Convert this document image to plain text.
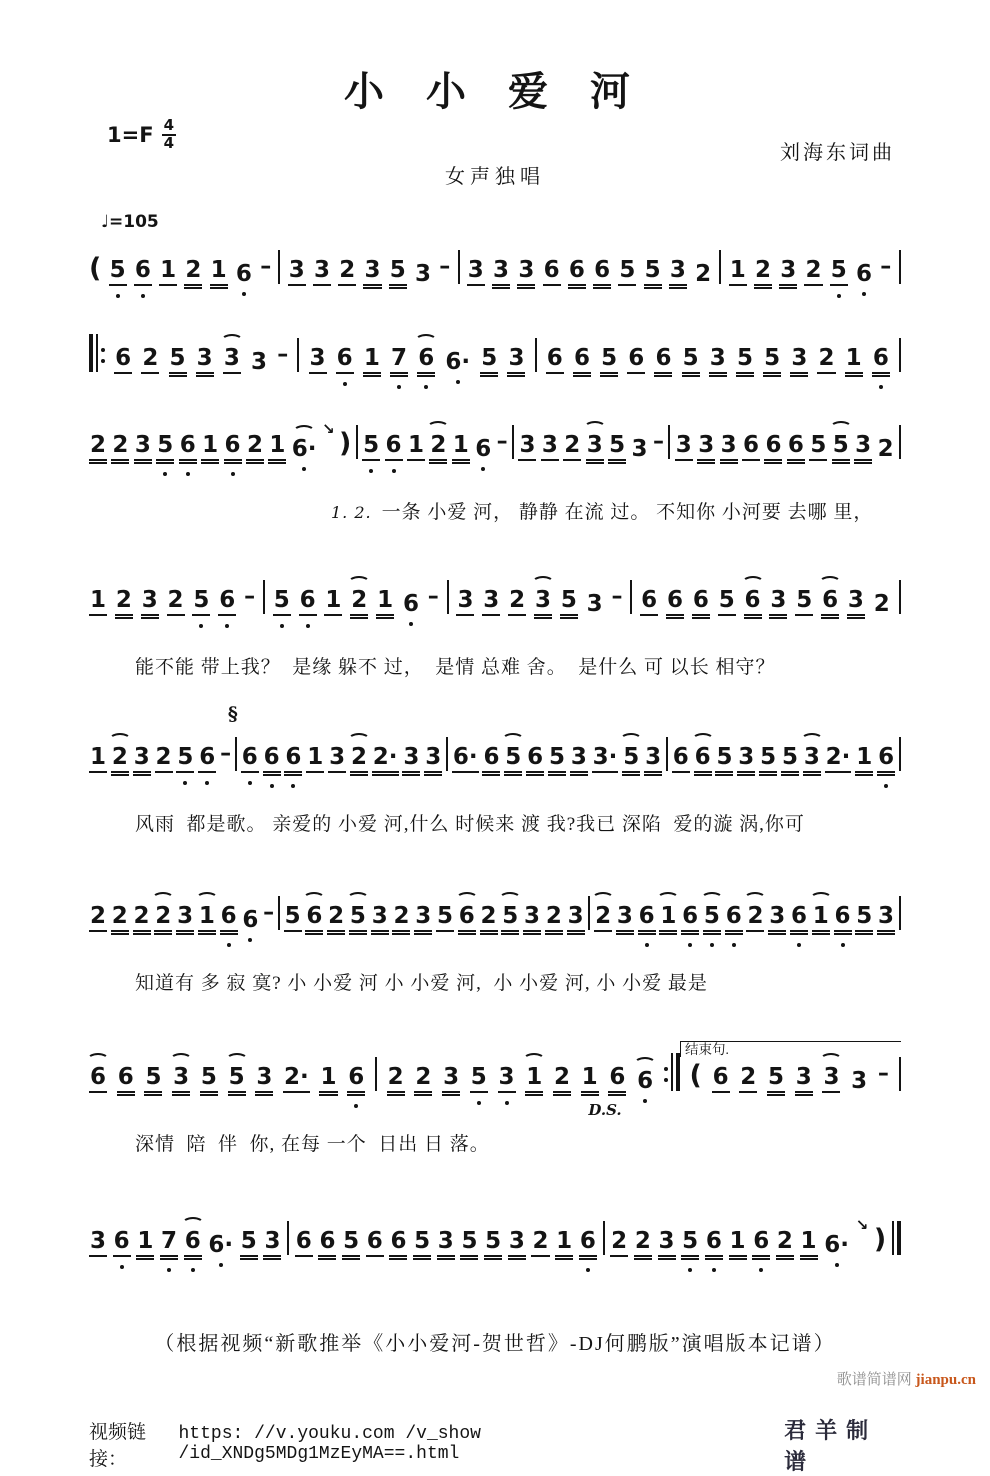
小 小 爱 河
$1=F \frac{4}{4}$
刘海东词曲
女声独唱
♩=105
( 5 6 1 2 1 6 – 3 3 2 3 5 3 – 3 3 3 6 6 6 5 5 3 2 1 2 3 2 5 6 –
6 2 5 3 3 3 – 3 6 1 7 6 6· 5 3 6 6 5 6 6 5 3 5 5 3 2 1 6
2 2 3 5 6 1 6 2 1 6·
↘ ) 5 6 1 2 1 6 – 3 3 2 3 5 3 – 3 3 3 6 6 6 5 5 3 2

1. 2. 一条 小爱 河， 静静 在流 过。 不知你 小河要 去哪 里，

1 2 3 2 5 6 – 5 6 1 2 1 6 – 3 3 2 3 5 3 – 6 6 6 5 6 3 5 6 3 2

能不能 带上我？  是缘 躲不 过，  是情 总难 舍。  是什么 可 以长 相守？

1 2 3 2 5 6 –
§
6 6 6 1 3 2 2· 3 3 6· 6 5 6 5 3 3· 5 3 6 6 5 3 5 5 3 2· 1 6

风雨  都是歌。 亲爱的 小爱 河,什么 时候来 渡 我?我已 深陷  爱的漩 涡,你可

2 2 2 2 3 1 6 6 – 5 6 2 5 3 2 3 5 6 2 5 3 2 3 2 3 6 1 6 5 6 2 3 6 1 6 5 3

知道有 多 寂 寞? 小 小爱 河 小 小爱 河,  小 小爱 河, 小 小爱 最是

结束句.
6 6 5 3 5 5 3 2· 1 6 2 2 3 5 3 1 2 1 6 6 ( 6 2 5 3 3 3 –
D.S.

深情  陪  伴  你, 在每 一个  日出 日 落。

3 6 1 7 6 6· 5 3 6 6 5 6 6 5 3 5 5 3 2 1 6 2 2 3 5 6 1 6 2 1 6·
↘ )
（根据视频“新歌推举《小小爱河-贺世哲》-DJ何鹏版”演唱版本记谱）
视频链接：
https: //v.youku.com /v_show /id_XNDg5MDg1MzEyMA==.html
君羊制谱
歌谱简谱网 jianpu.cn
